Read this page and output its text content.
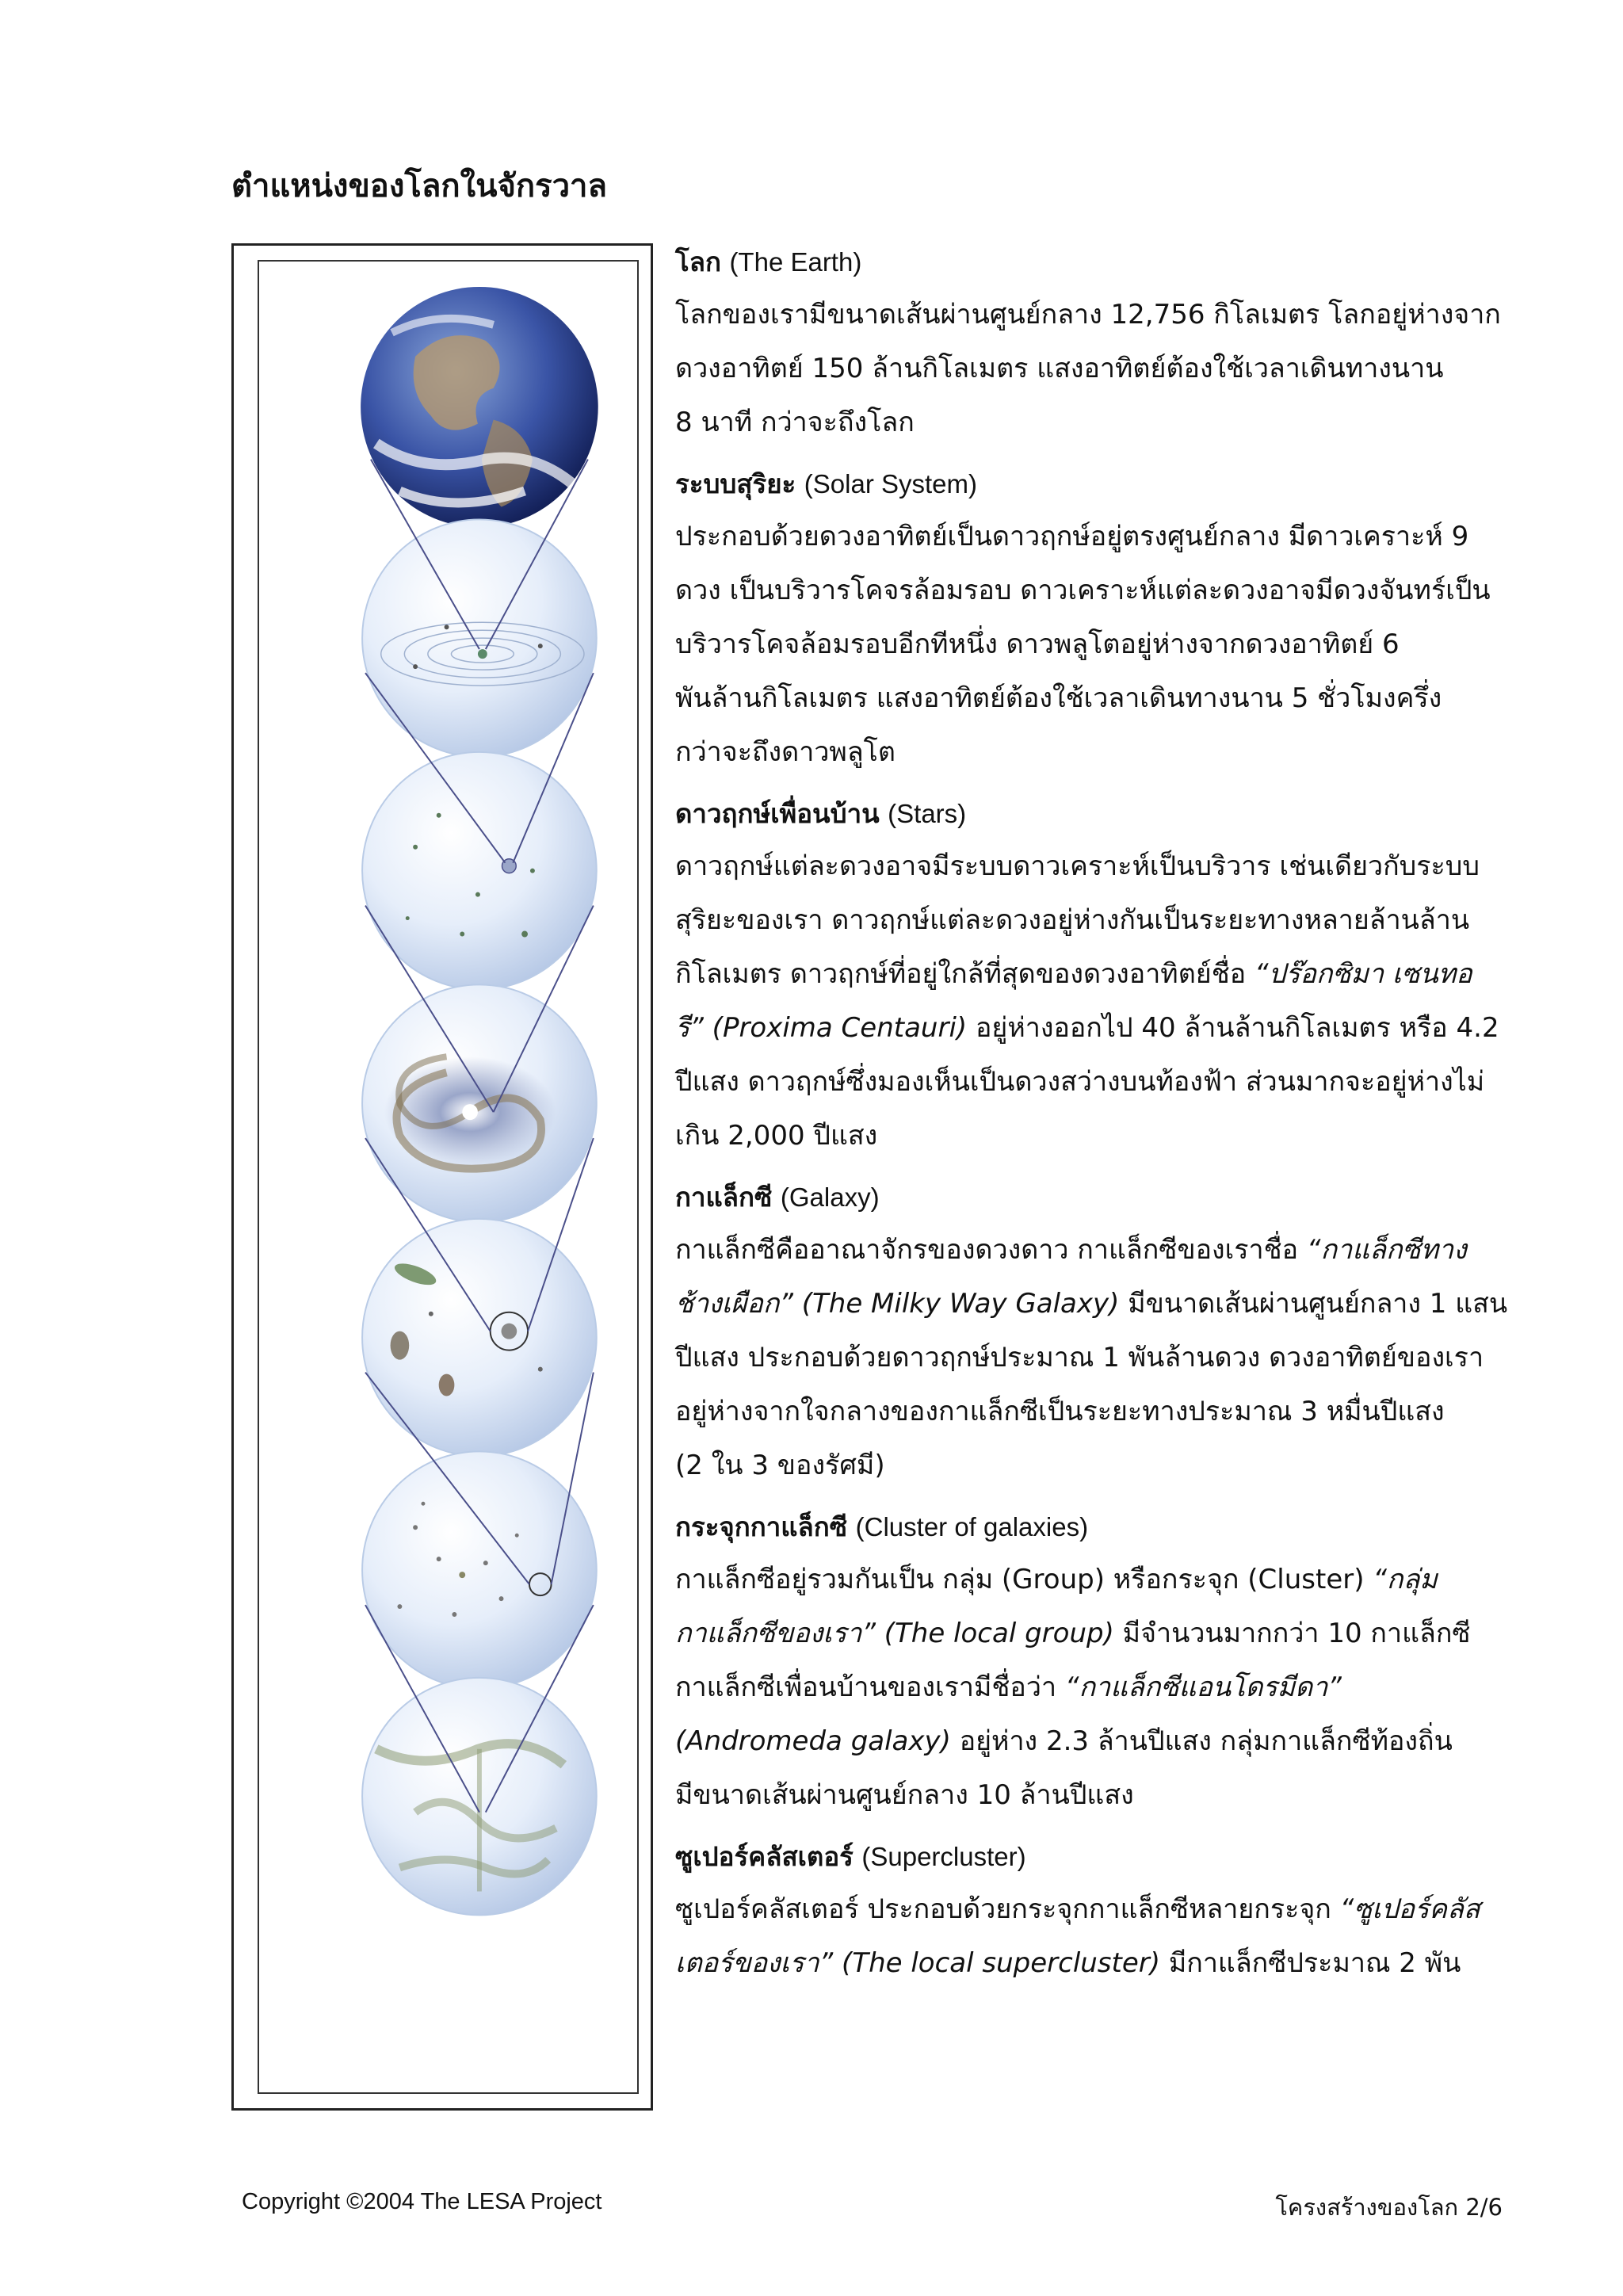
ตำแหน่งของโลกในจักรวาล
โลก (The Earth)

โลกของเรามีขนาดเส้นผ่านศูนย์กลาง 12,756 กิโลเมตร โลกอยู่ห่างจาก

ดวงอาทิตย์ 150 ล้านกิโลเมตร แสงอาทิตย์ต้องใช้เวลาเดินทางนาน

8 นาที กว่าจะถึงโลก

ระบบสุริยะ (Solar System)

ประกอบด้วยดวงอาทิตย์เป็นดาวฤกษ์อยู่ตรงศูนย์กลาง มีดาวเคราะห์ 9

ดวง เป็นบริวารโคจรล้อมรอบ ดาวเคราะห์แต่ละดวงอาจมีดวงจันทร์เป็น

บริวารโคจล้อมรอบอีกทีหนึ่ง ดาวพลูโตอยู่ห่างจากดวงอาทิตย์ 6

พันล้านกิโลเมตร แสงอาทิตย์ต้องใช้เวลาเดินทางนาน 5 ชั่วโมงครึ่ง

กว่าจะถึงดาวพลูโต

ดาวฤกษ์เพื่อนบ้าน (Stars)

ดาวฤกษ์แต่ละดวงอาจมีระบบดาวเคราะห์เป็นบริวาร เช่นเดียวกับระบบ

สุริยะของเรา ดาวฤกษ์แต่ละดวงอยู่ห่างกันเป็นระยะทางหลายล้านล้าน

กิโลเมตร ดาวฤกษ์ที่อยู่ใกล้ที่สุดของดวงอาทิตย์ชื่อ “ปร๊อกซิมา เซนทอ

รี” (Proxima Centauri) อยู่ห่างออกไป 40 ล้านล้านกิโลเมตร หรือ 4.2

ปีแสง ดาวฤกษ์ซึ่งมองเห็นเป็นดวงสว่างบนท้องฟ้า ส่วนมากจะอยู่ห่างไม่

เกิน 2,000 ปีแสง

กาแล็กซี (Galaxy)

กาแล็กซีคืออาณาจักรของดวงดาว กาแล็กซีของเราชื่อ “กาแล็กซีทาง

ช้างเผือก” (The Milky Way Galaxy) มีขนาดเส้นผ่านศูนย์กลาง 1 แสน

ปีแสง ประกอบด้วยดาวฤกษ์ประมาณ 1 พันล้านดวง ดวงอาทิตย์ของเรา

อยู่ห่างจากใจกลางของกาแล็กซีเป็นระยะทางประมาณ 3 หมื่นปีแสง

(2 ใน 3 ของรัศมี)

กระจุกกาแล็กซี (Cluster of galaxies)

กาแล็กซีอยู่รวมกันเป็น กลุ่ม (Group) หรือกระจุก (Cluster) “กลุ่ม

กาแล็กซีของเรา” (The local group) มีจำนวนมากกว่า 10 กาแล็กซี

กาแล็กซีเพื่อนบ้านของเรามีชื่อว่า “กาแล็กซีแอนโดรมีดา”

(Andromeda galaxy) อยู่ห่าง 2.3 ล้านปีแสง กลุ่มกาแล็กซีท้องถิ่น

มีขนาดเส้นผ่านศูนย์กลาง 10 ล้านปีแสง

ซูเปอร์คลัสเตอร์ (Supercluster)

ซูเปอร์คลัสเตอร์ ประกอบด้วยกระจุกกาแล็กซีหลายกระจุก “ซูเปอร์คลัส

เตอร์ของเรา” (The local supercluster) มีกาแล็กซีประมาณ 2 พัน

Copyright ©2004 The LESA Project	โครงสร้างของโลก 2/6
